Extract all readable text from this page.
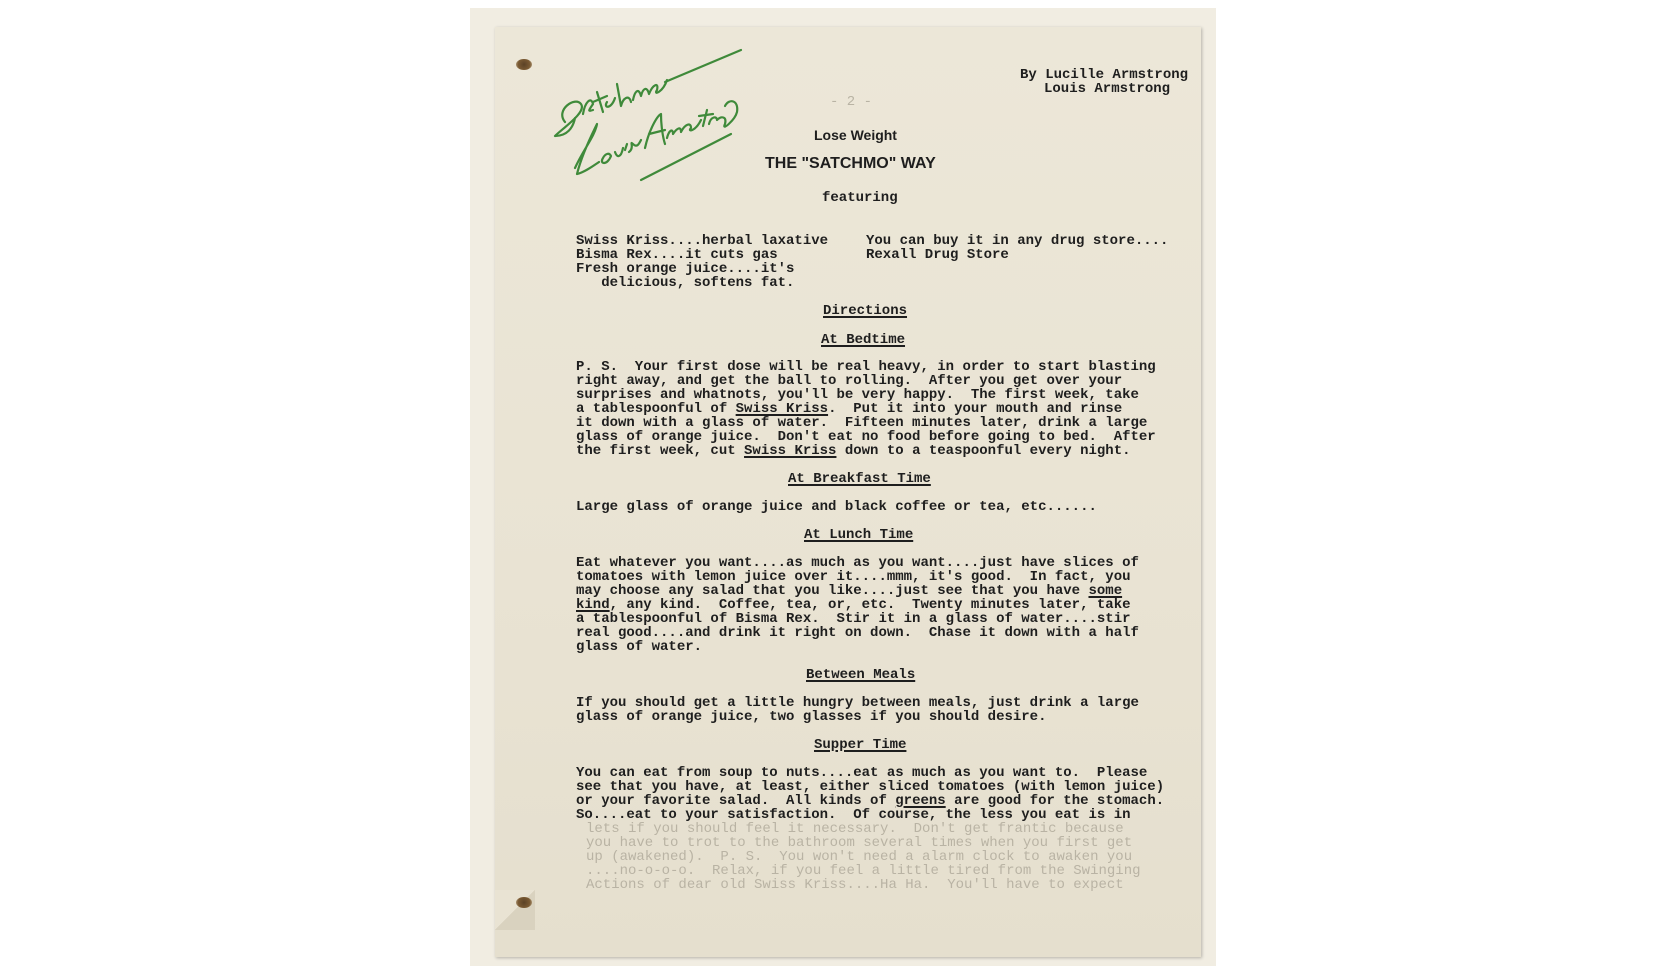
By Lucille Armstrong
Louis Armstrong
- 2 -
Lose Weight
THE "SATCHMO" WAY
featuring
Swiss Kriss....herbal laxative
Bisma Rex....it cuts gas
Fresh orange juice....it's
delicious, softens fat.
You can buy it in any drug store....
Rexall Drug Store
Directions
At Bedtime
P. S.  Your first dose will be real heavy, in order to start blasting
right away, and get the ball to rolling.  After you get over your
surprises and whatnots, you'll be very happy.  The first week, take
a tablespoonful of Swiss Kriss.  Put it into your mouth and rinse
it down with a glass of water.  Fifteen minutes later, drink a large
glass of orange juice.  Don't eat no food before going to bed.  After
the first week, cut Swiss Kriss down to a teaspoonful every night.
At Breakfast Time
Large glass of orange juice and black coffee or tea, etc......
At Lunch Time
Eat whatever you want....as much as you want....just have slices of
tomatoes with lemon juice over it....mmm, it's good.  In fact, you
may choose any salad that you like....just see that you have some
kind, any kind.  Coffee, tea, or, etc.  Twenty minutes later, take
a tablespoonful of Bisma Rex.  Stir it in a glass of water....stir
real good....and drink it right on down.  Chase it down with a half
glass of water.
Between Meals
If you should get a little hungry between meals, just drink a large
glass of orange juice, two glasses if you should desire.
Supper Time
You can eat from soup to nuts....eat as much as you want to.  Please
see that you have, at least, either sliced tomatoes (with lemon juice)
or your favorite salad.  All kinds of greens are good for the stomach.
So....eat to your satisfaction.  Of course, the less you eat is in
lets if you should feel it necessary.  Don't get frantic because
you have to trot to the bathroom several times when you first get
up (awakened).  P. S.  You won't need a alarm clock to awaken you
....no-o-o-o.  Relax, if you feel a little tired from the Swinging
Actions of dear old Swiss Kriss....Ha Ha.  You'll have to expect
